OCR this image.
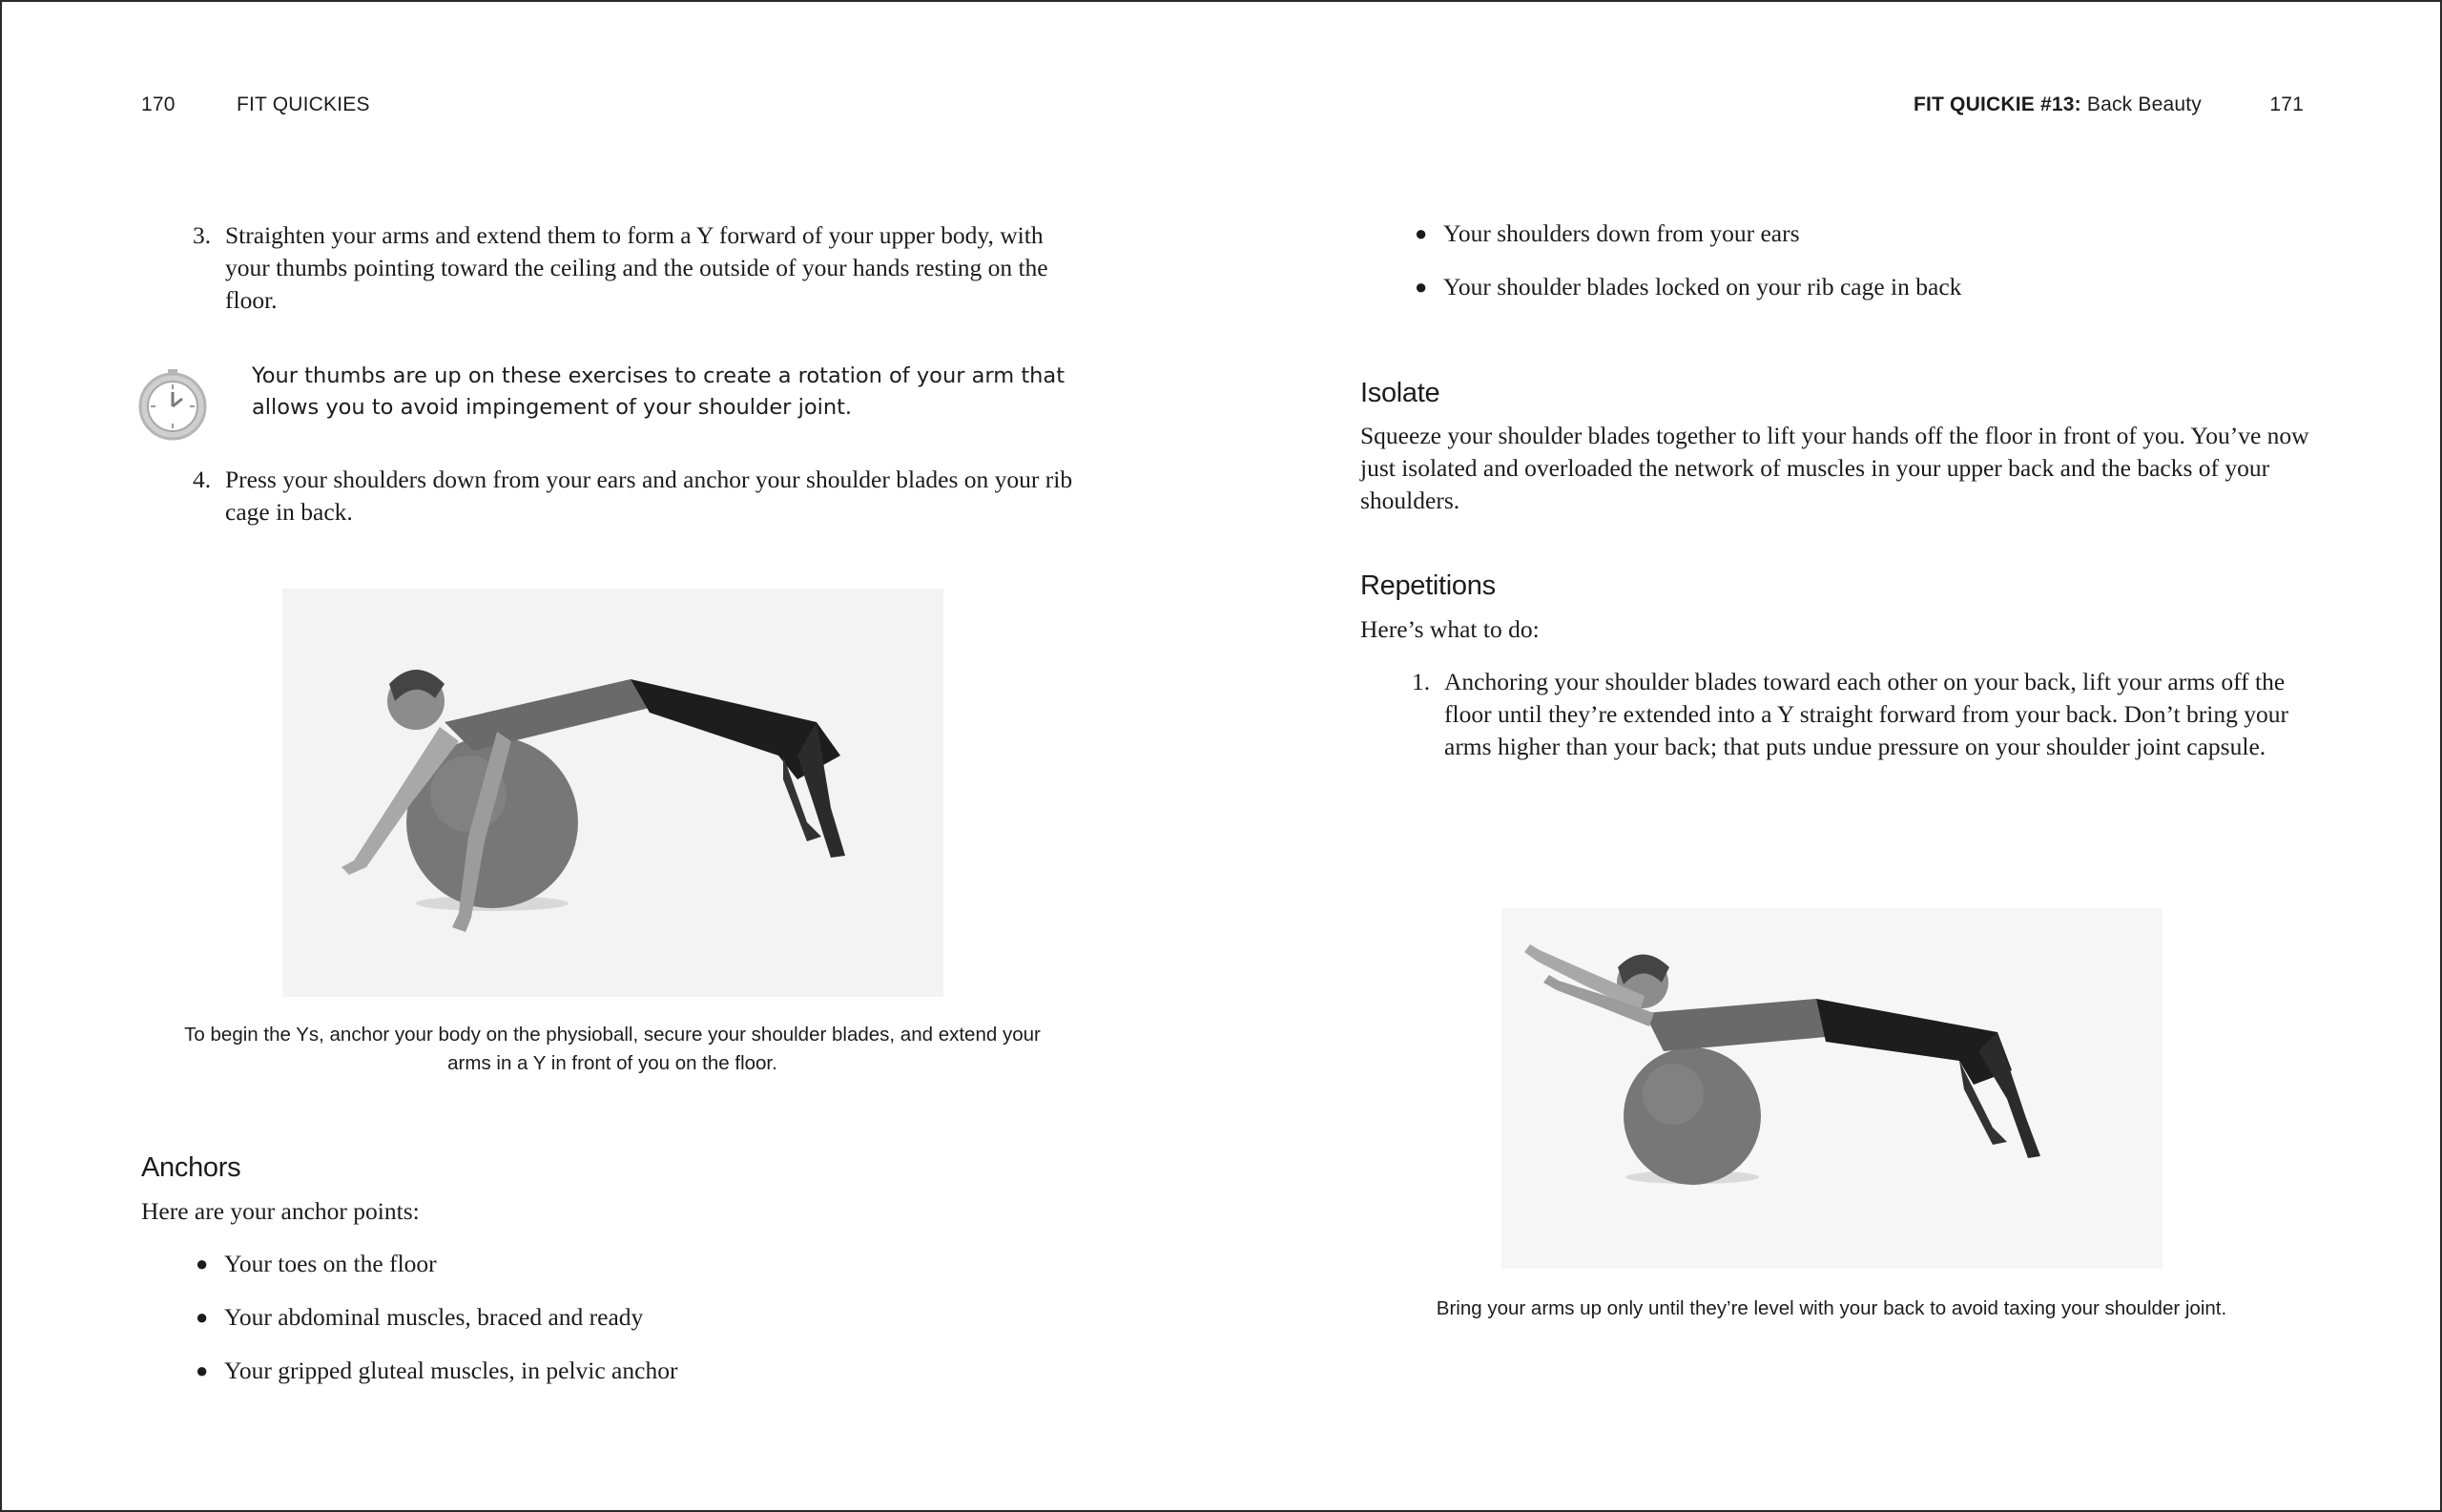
170	FIT QUICKIES
3. Straighten your arms and extend them to form a Y forward of your upper body, with your thumbs pointing toward the ceiling and the outside of your hands resting on the floor.
Your thumbs are up on these exercises to create a rotation of your arm that allows you to avoid impingement of your shoulder joint.
4. Press your shoulders down from your ears and anchor your shoulder blades on your rib cage in back.
To begin the Ys, anchor your body on the physioball, secure your shoulder blades, and extend your arms in a Y in front of you on the floor.
Anchors
Here are your anchor points:
● Your toes on the floor
● Your abdominal muscles, braced and ready
● Your gripped gluteal muscles, in pelvic anchor
FIT QUICKIE #13: Back Beauty	171
● Your shoulders down from your ears
● Your shoulder blades locked on your rib cage in back
Isolate
Squeeze your shoulder blades together to lift your hands off the floor in front of you. You’ve now just isolated and overloaded the network of muscles in your upper back and the backs of your shoulders.
Repetitions
Here’s what to do:
1. Anchoring your shoulder blades toward each other on your back, lift your arms off the floor until they’re extended into a Y straight forward from your back. Don’t bring your arms higher than your back; that puts undue pressure on your shoulder joint capsule.
Bring your arms up only until they’re level with your back to avoid taxing your shoulder joint.
